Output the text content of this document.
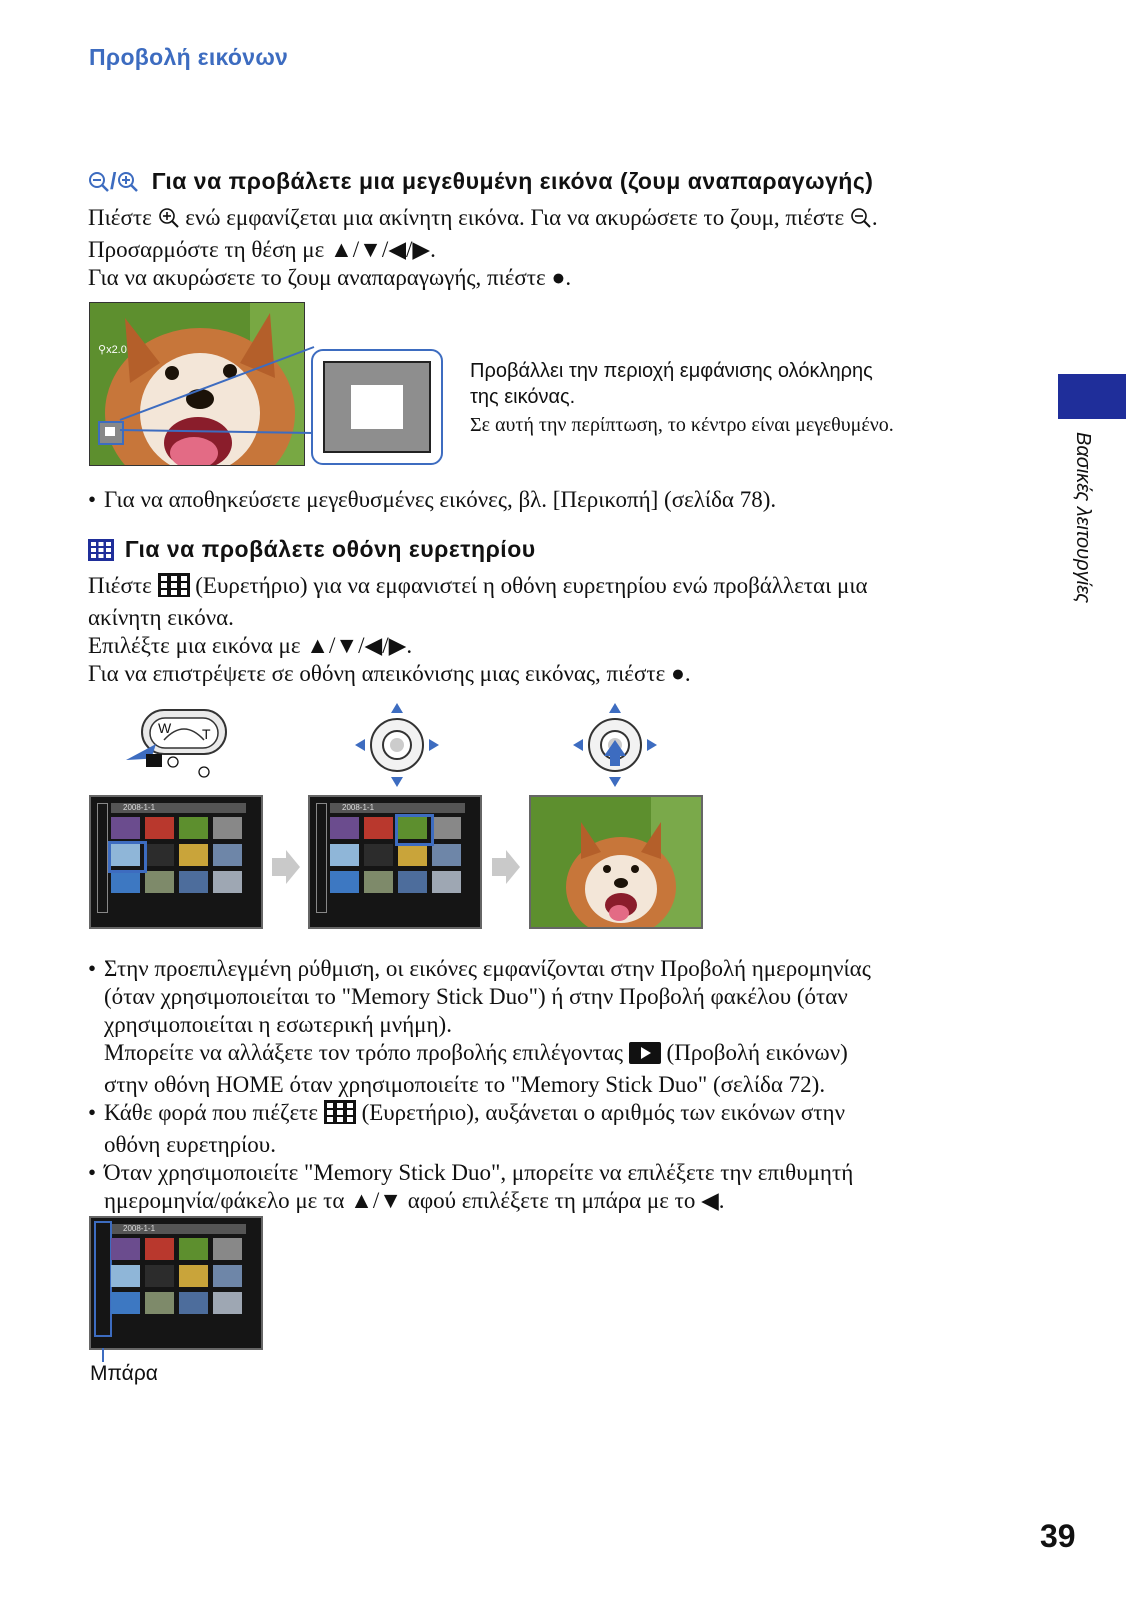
Προβολή εικόνων
Βασικές λειτουργίες
/ Για να προβάλετε μια μεγεθυμένη εικόνα (ζουμ αναπαραγωγής)
Πιέστε ενώ εμφανίζεται μια ακίνητη εικόνα. Για να ακυρώσετε το ζουμ, πιέστε .
Προσαρμόστε τη θέση με ▲/▼/◀/▶.
Για να ακυρώσετε το ζουμ αναπαραγωγής, πιέστε ●.
⚲x2.0
Προβάλλει την περιοχή εμφάνισης ολόκληρης
της εικόνας.
Σε αυτή την περίπτωση, το κέντρο είναι μεγεθυμένο.
• Για να αποθηκεύσετε μεγεθυσμένες εικόνες, βλ. [Περικοπή] (σελίδα 78).
Για να προβάλετε οθόνη ευρετηρίου
Πιέστε (Ευρετήριο) για να εμφανιστεί η οθόνη ευρετηρίου ενώ προβάλλεται μια
ακίνητη εικόνα.
Επιλέξτε μια εικόνα με ▲/▼/◀/▶.
Για να επιστρέψετε σε οθόνη απεικόνισης μιας εικόνας, πιέστε ●.
W T
2008-1-1	2008-1-1
• Στην προεπιλεγμένη ρύθμιση, οι εικόνες εμφανίζονται στην Προβολή ημερομηνίας
(όταν χρησιμοποιείται το "Memory Stick Duo") ή στην Προβολή φακέλου (όταν
χρησιμοποιείται η εσωτερική μνήμη).
Μπορείτε να αλλάξετε τον τρόπο προβολής επιλέγοντας (Προβολή εικόνων)
στην οθόνη HOME όταν χρησιμοποιείτε το "Memory Stick Duo" (σελίδα 72).
• Κάθε φορά που πιέζετε (Ευρετήριο), αυξάνεται ο αριθμός των εικόνων στην
οθόνη ευρετηρίου.
• Όταν χρησιμοποιείτε "Memory Stick Duo", μπορείτε να επιλέξετε την επιθυμητή
ημερομηνία/φάκελο με τα ▲/▼ αφού επιλέξετε τη μπάρα με το ◀.
2008-1-1
Μπάρα
39
